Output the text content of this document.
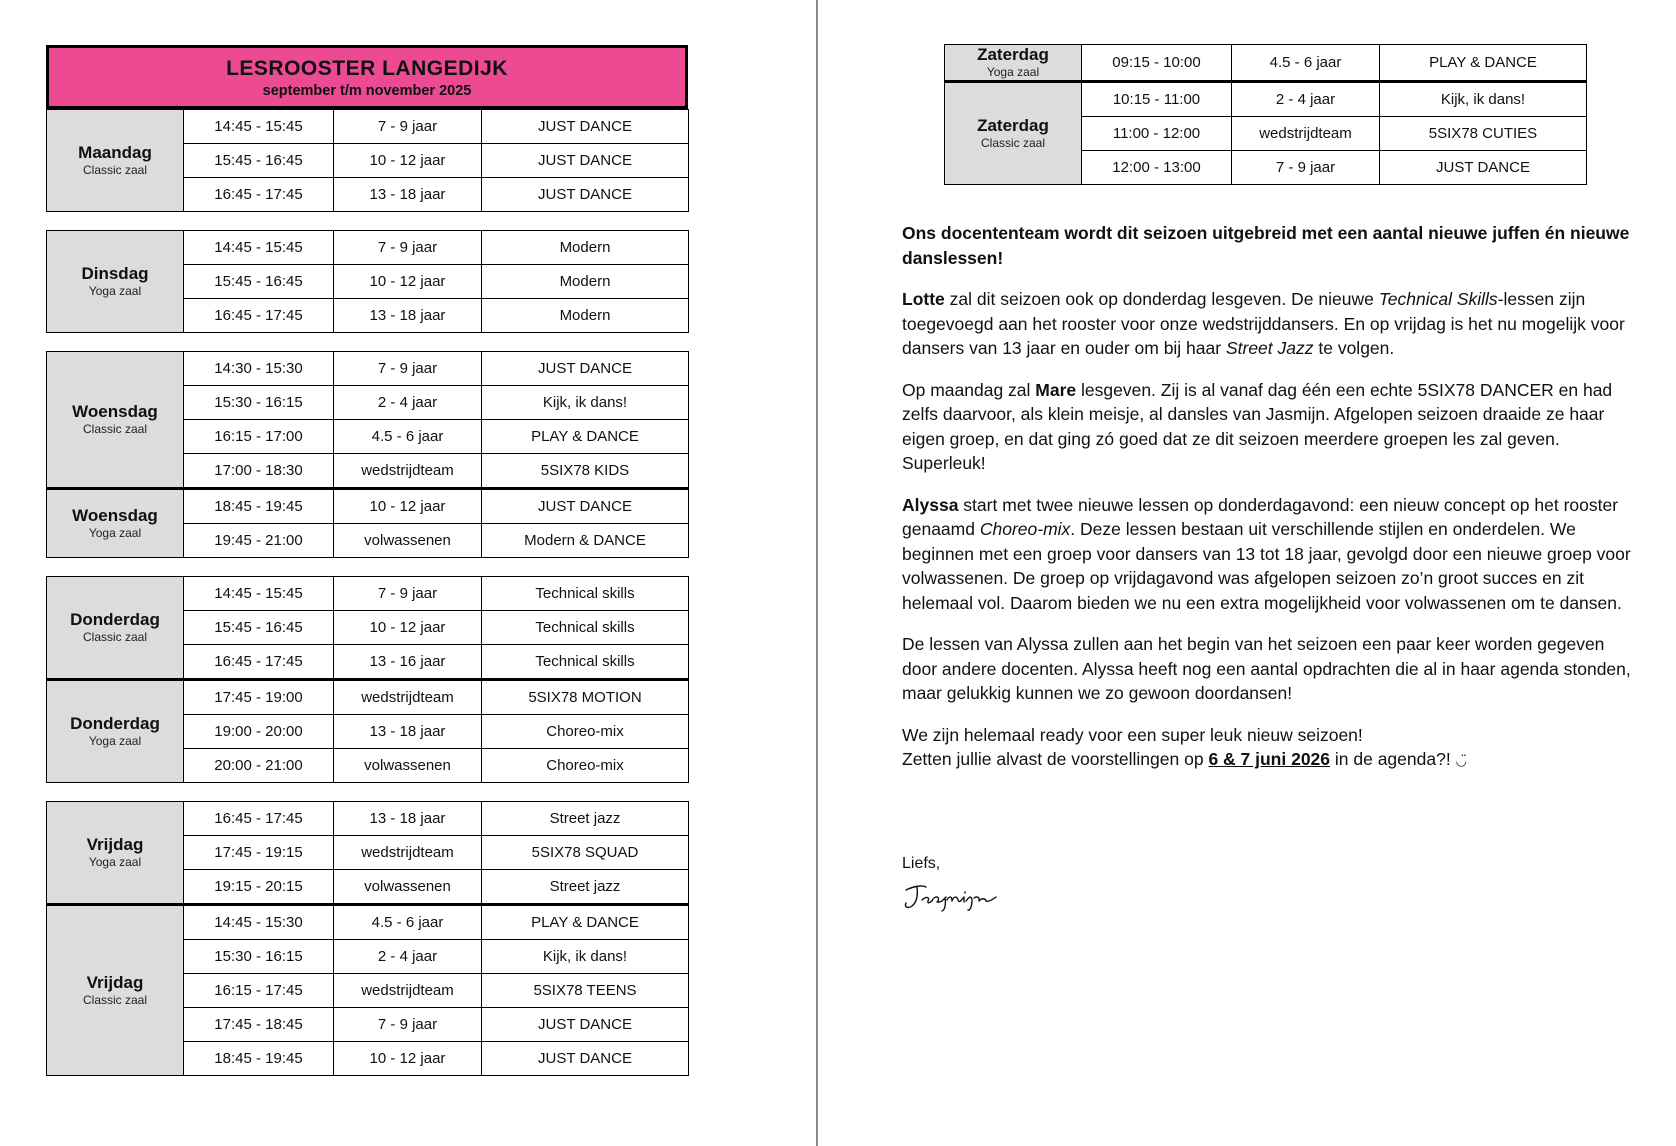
LESROOSTER LANGEDIJK
september t/m november 2025
Maandag
Classic zaal	14:45 - 15:45	7 - 9 jaar	JUST DANCE
	15:45 - 16:45	10 - 12 jaar	JUST DANCE
	16:45 - 17:45	13 - 18 jaar	JUST DANCE
Dinsdag
Yoga zaal	14:45 - 15:45	7 - 9 jaar	Modern
	15:45 - 16:45	10 - 12 jaar	Modern
	16:45 - 17:45	13 - 18 jaar	Modern
Woensdag
Classic zaal	14:30 - 15:30	7 - 9 jaar	JUST DANCE
	15:30 - 16:15	2 - 4 jaar	Kijk, ik dans!
	16:15 - 17:00	4.5 - 6 jaar	PLAY & DANCE
	17:00 - 18:30	wedstrijdteam	5SIX78 KIDS

Woensdag
Yoga zaal	18:45 - 19:45	10 - 12 jaar	JUST DANCE
	19:45 - 21:00	volwassenen	Modern & DANCE
Donderdag
Classic zaal	14:45 - 15:45	7 - 9 jaar	Technical skills
	15:45 - 16:45	10 - 12 jaar	Technical skills
	16:45 - 17:45	13 - 16 jaar	Technical skills

Donderdag
Yoga zaal	17:45 - 19:00	wedstrijdteam	5SIX78 MOTION
	19:00 - 20:00	13 - 18 jaar	Choreo-mix
	20:00 - 21:00	volwassenen	Choreo-mix
Vrijdag
Yoga zaal	16:45 - 17:45	13 - 18 jaar	Street jazz
	17:45 - 19:15	wedstrijdteam	5SIX78 SQUAD
	19:15 - 20:15	volwassenen	Street jazz

Vrijdag
Classic zaal	14:45 - 15:30	4.5 - 6 jaar	PLAY & DANCE
	15:30 - 16:15	2 - 4 jaar	Kijk, ik dans!
	16:15 - 17:45	wedstrijdteam	5SIX78 TEENS
	17:45 - 18:45	7 - 9 jaar	JUST DANCE
	18:45 - 19:45	10 - 12 jaar	JUST DANCE
Zaterdag
Yoga zaal	09:15 - 10:00	4.5 - 6 jaar	PLAY & DANCE

Zaterdag
Classic zaal	10:15 - 11:00	2 - 4 jaar	Kijk, ik dans!
	11:00 - 12:00	wedstrijdteam	5SIX78 CUTIES
	12:00 - 13:00	7 - 9 jaar	JUST DANCE

Ons docententeam wordt dit seizoen uitgebreid met een aantal nieuwe juffen én nieuwe danslessen!

Lotte zal dit seizoen ook op donderdag lesgeven. De nieuwe Technical Skills-lessen zijn toegevoegd aan het rooster voor onze wedstrijddansers. En op vrijdag is het nu mogelijk voor dansers van 13 jaar en ouder om bij haar Street Jazz te volgen.

Op maandag zal Mare lesgeven. Zij is al vanaf dag één een echte 5SIX78 DANCER en had zelfs daarvoor, als klein meisje, al dansles van Jasmijn. Afgelopen seizoen draaide ze haar eigen groep, en dat ging zó goed dat ze dit seizoen meerdere groepen les zal geven. Superleuk!

Alyssa start met twee nieuwe lessen op donderdagavond: een nieuw concept op het rooster genaamd Choreo-mix. Deze lessen bestaan uit verschillende stijlen en onderdelen. We beginnen met een groep voor dansers van 13 tot 18 jaar, gevolgd door een nieuwe groep voor volwassenen. De groep op vrijdagavond was afgelopen seizoen zo’n groot succes en zit helemaal vol. Daarom bieden we nu een extra mogelijkheid voor volwassenen om te dansen.

De lessen van Alyssa zullen aan het begin van het seizoen een paar keer worden gegeven door andere docenten. Alyssa heeft nog een aantal opdrachten die al in haar agenda stonden, maar gelukkig kunnen we zo gewoon doordansen!

We zijn helemaal ready voor een super leuk nieuw seizoen!
Zetten jullie alvast de voorstellingen op 6 & 7 juni 2026 in de agenda?! ◡̈

Liefs,
